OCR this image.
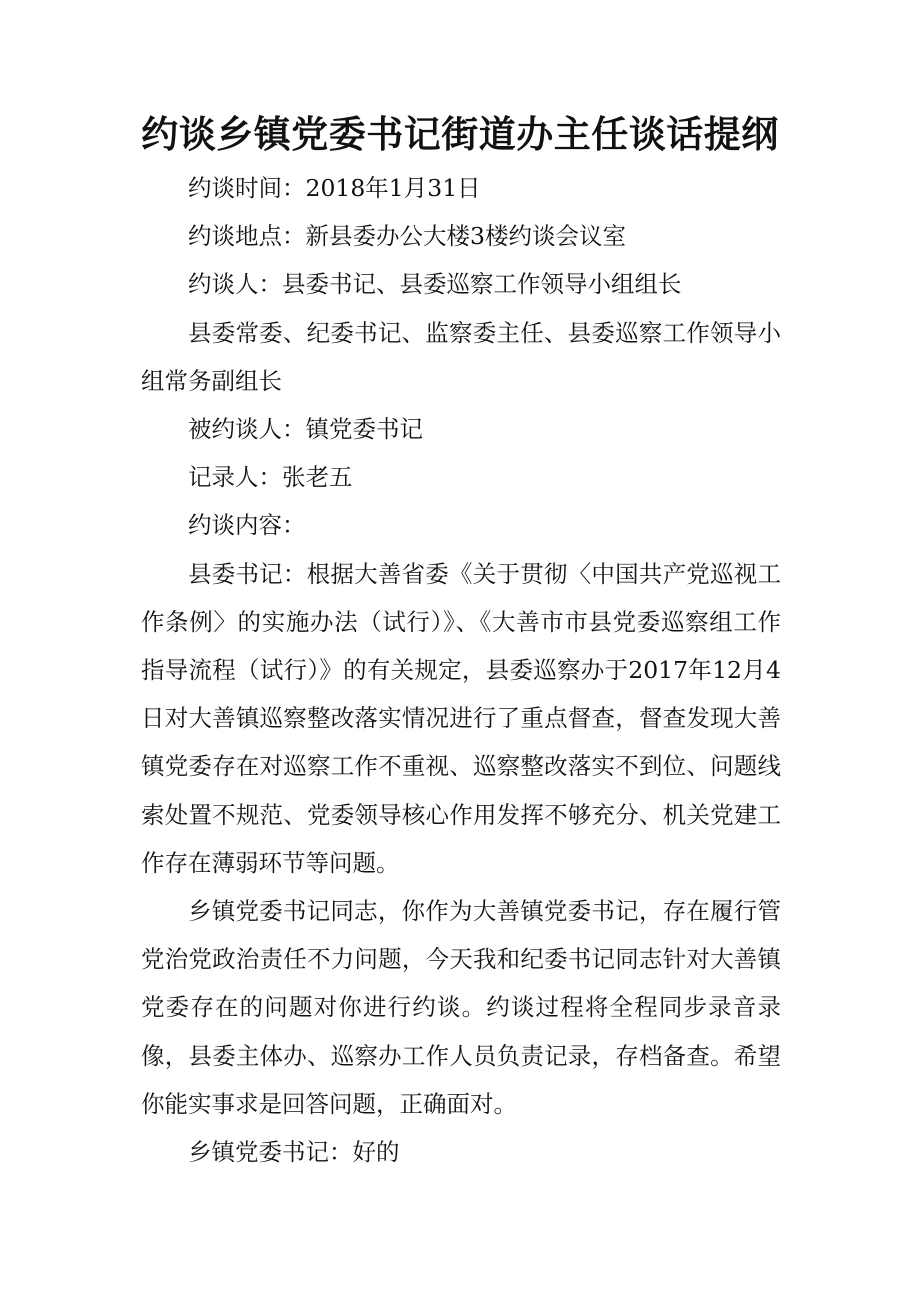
约谈乡镇党委书记街道办主任谈话提纲

约谈时间：2018年1月31日

约谈地点：新县委办公大楼3楼约谈会议室

约谈人：县委书记、县委巡察工作领导小组组长

县委常委、纪委书记、监察委主任、县委巡察工作领导小组常务副组长

被约谈人：镇党委书记

记录人：张老五

约谈内容：

县委书记：根据大善省委《关于贯彻〈中国共产党巡视工作条例〉的实施办法（试行）》、《大善市市县党委巡察组工作指导流程（试行）》的有关规定，县委巡察办于2017年12月4日对大善镇巡察整改落实情况进行了重点督查，督查发现大善镇党委存在对巡察工作不重视、巡察整改落实不到位、问题线索处置不规范、党委领导核心作用发挥不够充分、机关党建工作存在薄弱环节等问题。

乡镇党委书记同志，你作为大善镇党委书记，存在履行管党治党政治责任不力问题，今天我和纪委书记同志针对大善镇党委存在的问题对你进行约谈。约谈过程将全程同步录音录像，县委主体办、巡察办工作人员负责记录，存档备查。希望你能实事求是回答问题，正确面对。

乡镇党委书记：好的
